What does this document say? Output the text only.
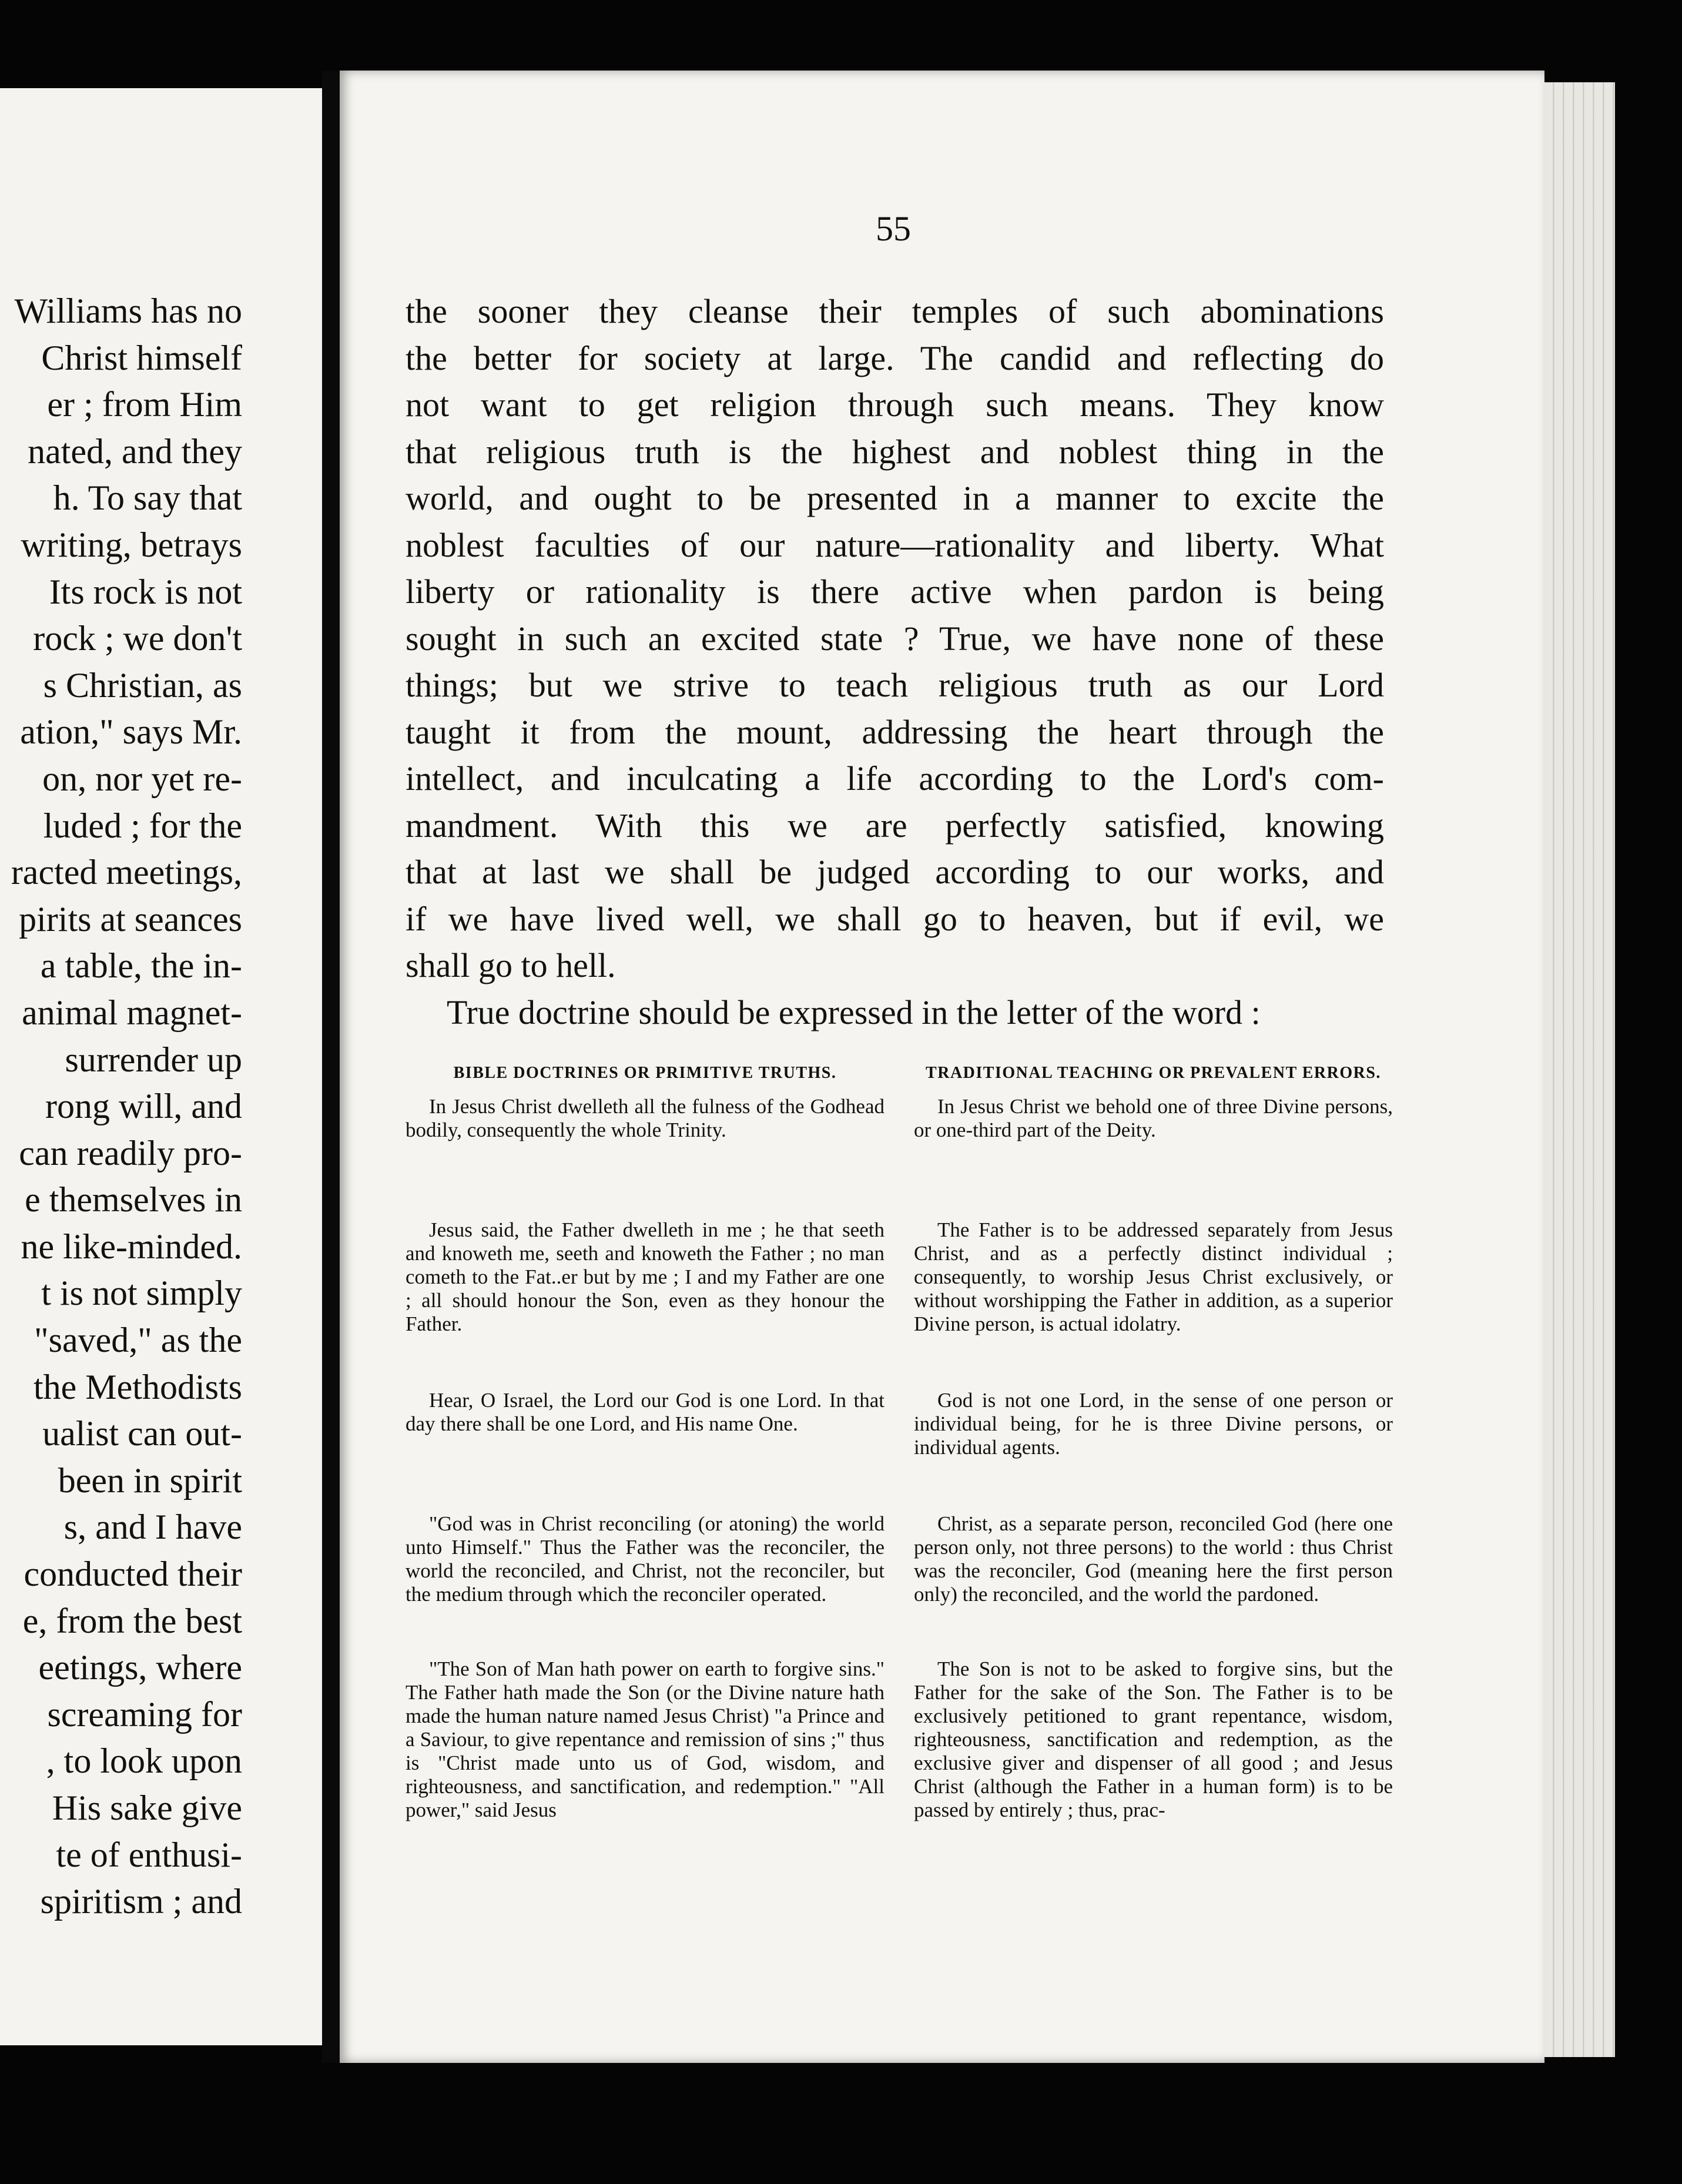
Williams has no
Christ himself
er ; from Him
nated, and they
h. To say that
writing, betrays
Its rock is not
rock ; we don't
s Christian, as
ation," says Mr.
on, nor yet re-
luded ; for the
racted meetings,
pirits at seances
a table, the in-
animal magnet-
surrender up
rong will, and
can readily pro-
e themselves in
ne like-minded.
t is not simply
"saved," as the
the Methodists
ualist can out-
been in spirit
s, and I have
conducted their
e, from the best
eetings, where
screaming for
, to look upon
His sake give
te of enthusi-
spiritism ; and
55
the sooner they cleanse their temples of such abominations
the better for society at large. The candid and reflecting do
not want to get religion through such means. They know
that religious truth is the highest and noblest thing in the
world, and ought to be presented in a manner to excite the
noblest faculties of our nature—rationality and liberty. What
liberty or rationality is there active when pardon is being
sought in such an excited state ? True, we have none of these
things; but we strive to teach religious truth as our Lord
taught it from the mount, addressing the heart through the
intellect, and inculcating a life according to the Lord's com-
mandment. With this we are perfectly satisfied, knowing
that at last we shall be judged according to our works, and
if we have lived well, we shall go to heaven, but if evil, we
shall go to hell.
True doctrine should be expressed in the letter of the word :
BIBLE DOCTRINES OR PRIMITIVE TRUTHS.

In Jesus Christ dwelleth all the fulness of the Godhead bodily, consequently the whole Trinity.

Jesus said, the Father dwelleth in me ; he that seeth and knoweth me, seeth and knoweth the Father ; no man cometh to the Fat..er but by me ; I and my Father are one ; all should honour the Son, even as they honour the Father.

Hear, O Israel, the Lord our God is one Lord. In that day there shall be one Lord, and His name One.

"God was in Christ reconciling (or atoning) the world unto Himself." Thus the Father was the reconciler, the world the reconciled, and Christ, not the reconciler, but the medium through which the reconciler operated.

"The Son of Man hath power on earth to forgive sins." The Father hath made the Son (or the Divine nature hath made the human nature named Jesus Christ) "a Prince and a Saviour, to give repentance and remission of sins ;" thus is "Christ made unto us of God, wisdom, and righteousness, and sanctification, and redemption." "All power," said Jesus

TRADITIONAL TEACHING OR PREVALENT ERRORS.

In Jesus Christ we behold one of three Divine persons, or one-third part of the Deity.

The Father is to be addressed separately from Jesus Christ, and as a perfectly distinct individual ; consequently, to worship Jesus Christ exclusively, or without worshipping the Father in addition, as a superior Divine person, is actual idolatry.

God is not one Lord, in the sense of one person or individual being, for he is three Divine persons, or individual agents.

Christ, as a separate person, reconciled God (here one person only, not three persons) to the world : thus Christ was the reconciler, God (meaning here the first person only) the reconciled, and the world the pardoned.

The Son is not to be asked to forgive sins, but the Father for the sake of the Son. The Father is to be exclusively petitioned to grant repentance, wisdom, righteousness, sanctification and redemption, as the exclusive giver and dispenser of all good ; and Jesus Christ (although the Father in a human form) is to be passed by entirely ; thus, prac-
